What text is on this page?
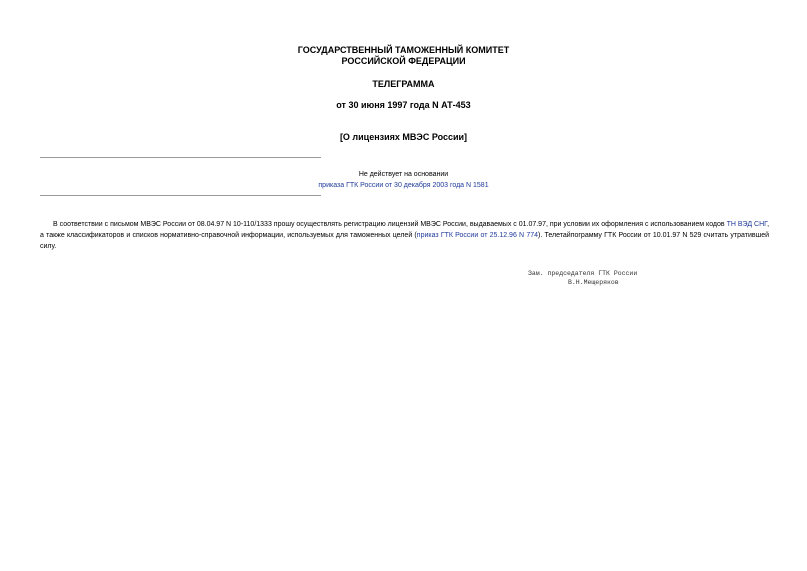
ГОСУДАРСТВЕННЫЙ ТАМОЖЕННЫЙ КОМИТЕТ
РОССИЙСКОЙ ФЕДЕРАЦИИ
ТЕЛЕГРАММА
от 30 июня 1997 года N АТ-453
[О лицензиях МВЭС России]
Не действует на основании
приказа ГТК России от 30 декабря 2003 года N 1581
В соответствии с письмом МВЭС России от 08.04.97 N 10-110/1333 прошу осуществлять регистрацию лицензий МВЭС России, выдаваемых с 01.07.97, при условии их оформления с использованием кодов ТН ВЭД СНГ, а также классификаторов и списков нормативно-справочной информации, используемых для таможенных целей (приказ ГТК России от 25.12.96 N 774). Телетайпограмму ГТК России от 10.01.97 N 529 считать утратившей силу.
Зам. председателя ГТК России
В.Н.Мещеряков
